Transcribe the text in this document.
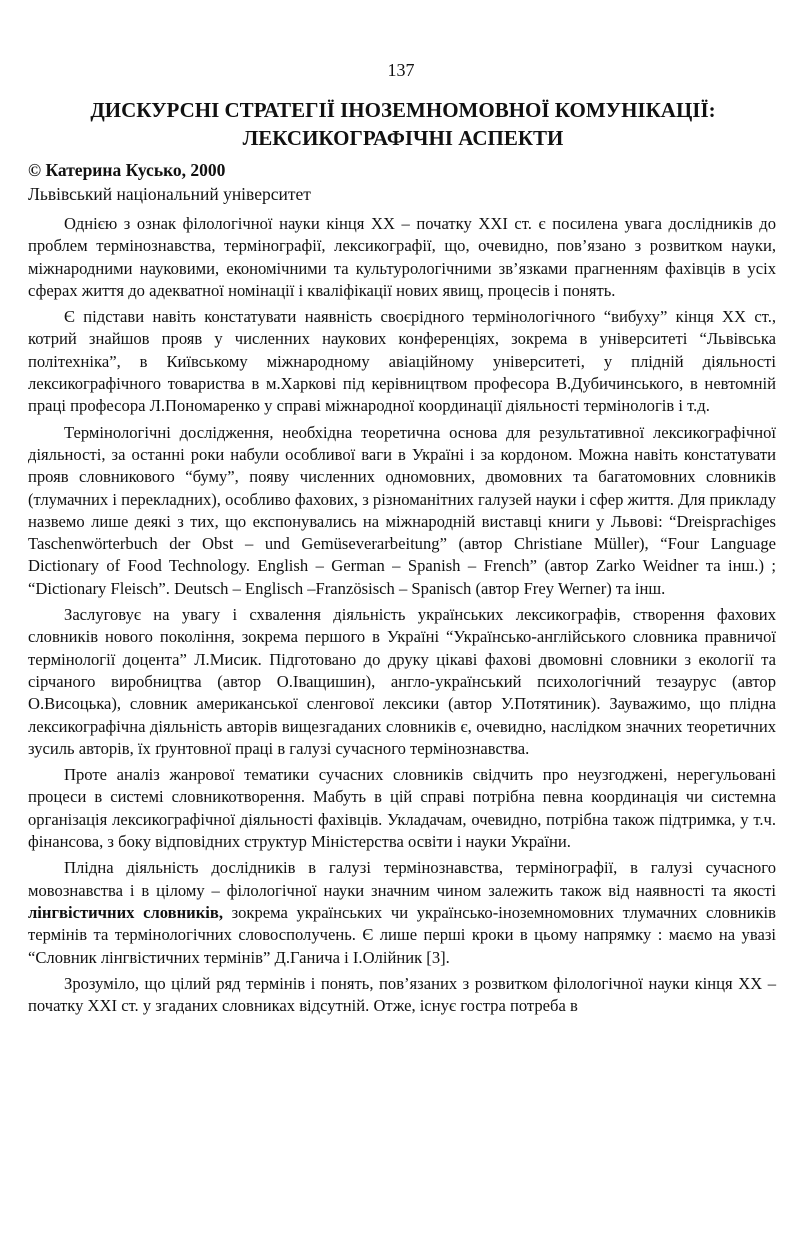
137
ДИСКУРСНІ СТРАТЕГІЇ ІНОЗЕМНОМОВНОЇ КОМУНІКАЦІЇ:
ЛЕКСИКОГРАФІЧНІ АСПЕКТИ
© Катерина Кусько, 2000
Львівський національний університет

Однією з ознак філологічної науки кінця XX – початку XXI ст. є посилена увага дослідників до проблем термінознавства, термінографії, лексикографії, що, очевидно, пов’язано з розвитком науки, міжнародними науковими, економічними та культурологічними зв’язками прагненням фахівців в усіх сферах життя до адекватної номінації і кваліфікації нових явищ, процесів і понять.

Є підстави навіть констатувати наявність своєрідного термінологічного “вибуху” кінця XX ст., котрий знайшов прояв у численних наукових конференціях, зокрема в університеті “Львівська політехніка”, в Київському міжнародному авіаційному університеті, у плідній діяльності лексикографічного товариства в м.Харкові під керівництвом професора В.Дубичинського, в невтомній праці професора Л.Пономаренко у справі міжнародної координації діяльності термінологів і т.д.

Термінологічні дослідження, необхідна теоретична основа для результативної лексикографічної діяльності, за останні роки набули особливої ваги в Україні і за кордоном. Можна навіть констатувати прояв словникового “буму”, появу численних одномовних, двомовних та багатомовних словників (тлумачних і перекладних), особливо фахових, з різноманітних галузей науки і сфер життя. Для прикладу назвемо лише деякі з тих, що експонувались на міжнародній виставці книги у Львові: “Dreisprachiges Taschenwörterbuch der Obst – und Gemüseverarbeitung” (автор Christiane Müller), “Four Language Dictionary of Food Technology. English – German – Spanish – French” (автор Zarko Weidner та інш.) ; “Dictionary Fleisch”. Deutsch – Englisch –Französisch – Spanisch (автор Frey Werner) та інш.

Заслуговує на увагу і схвалення діяльність українських лексикографів, створення фахових словників нового покоління, зокрема першого в Україні “Українсько-англійського словника правничої термінології доцента” Л.Мисик. Підготовано до друку цікаві фахові двомовні словники з екології та сірчаного виробництва (автор О.Іващишин), англо-український психологічний тезаурус (автор О.Висоцька), словник американської сленгової лексики (автор У.Потятиник). Зауважимо, що плідна лексикографічна діяльність авторів вищезгаданих словників є, очевидно, наслідком значних теоретичних зусиль авторів, їх ґрунтовної праці в галузі сучасного термінознавства.

Проте аналіз жанрової тематики сучасних словників свідчить про неузгоджені, нерегульовані процеси в системі словникотворення. Мабуть в цій справі потрібна певна координація чи системна організація лексикографічної діяльності фахівців. Укладачам, очевидно, потрібна також підтримка, у т.ч. фінансова, з боку відповідних структур Міністерства освіти і науки України.

Плідна діяльність дослідників в галузі термінознавства, термінографії, в галузі сучасного мовознавства і в цілому – філологічної науки значним чином залежить також від наявності та якості лінгвістичних словників, зокрема українських чи українсько-іноземномовних тлумачних словників термінів та термінологічних словосполучень. Є лише перші кроки в цьому напрямку : маємо на увазі “Словник лінгвістичних термінів” Д.Ганича і І.Олійник [3].

Зрозуміло, що цілий ряд термінів і понять, пов’язаних з розвитком філологічної науки кінця XX – початку XXI ст. у згаданих словниках відсутній. Отже, існує гостра потреба в
